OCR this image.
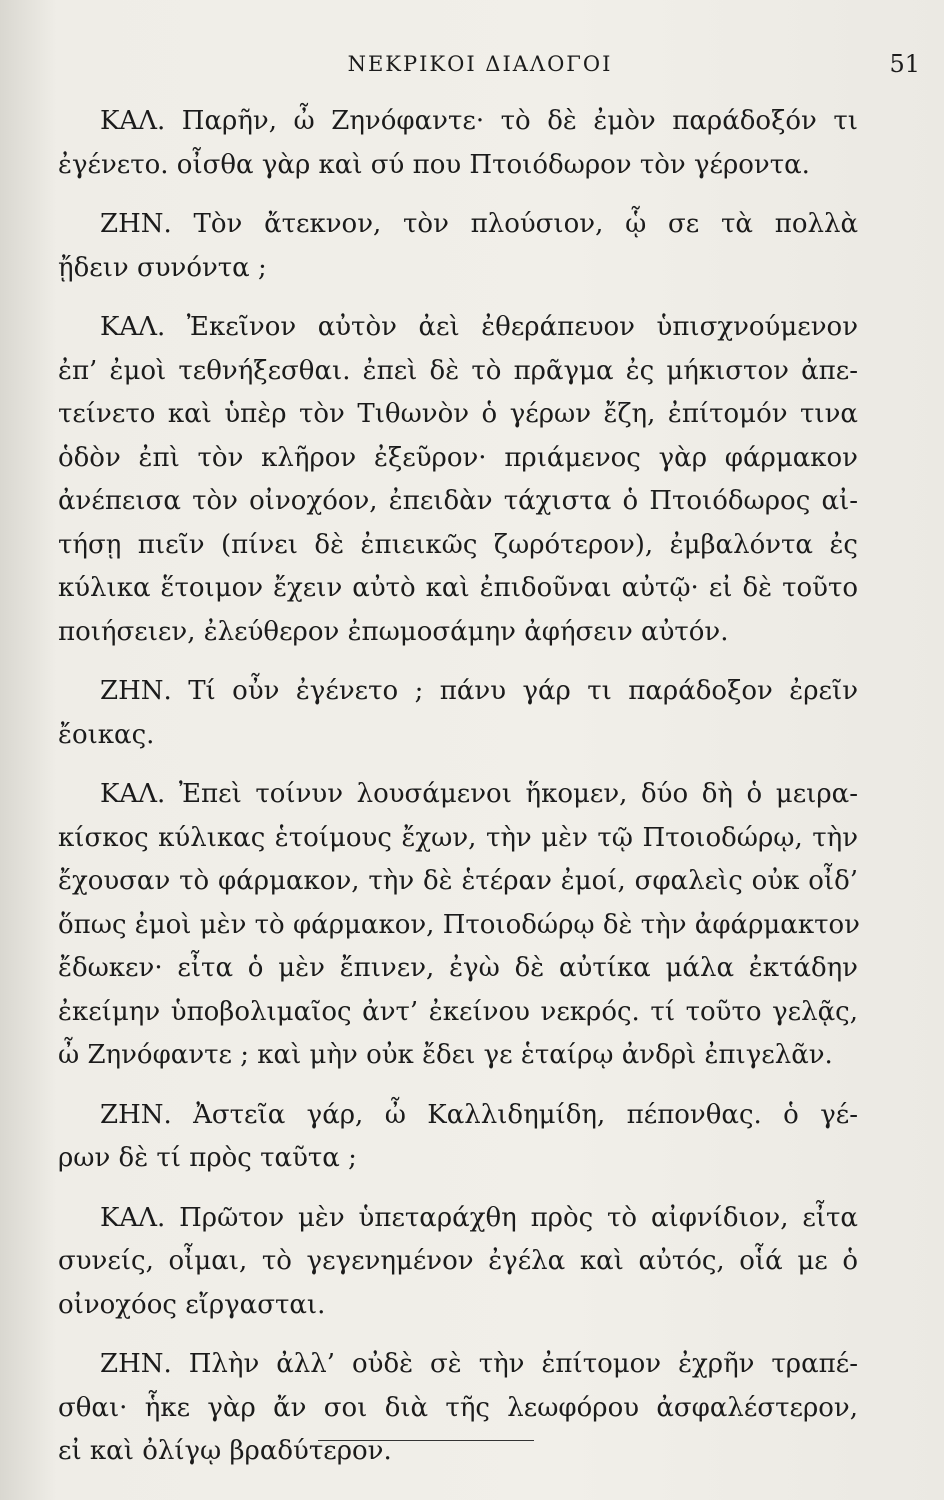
ΝΕΚΡΙΚΟΙ ΔΙΑΛΟΓΟΙ	51
ΚΑΛ. Παρῆν, ὦ Ζηνόφαντε· τὸ δὲ ἐμὸν παράδοξόν τι
ἐγένετο. οἶσθα γὰρ καὶ σύ που Πτοιόδωρον τὸν γέροντα.
ΖΗΝ. Τὸν ἄτεκνον, τὸν πλούσιον, ᾧ σε τὰ πολλὰ
ᾔδειν συνόντα ;
ΚΑΛ. Ἐκεῖνον αὐτὸν ἀεὶ ἐθεράπευον ὑπισχνούμενον
ἐπ’ ἐμοὶ τεθνήξεσθαι. ἐπεὶ δὲ τὸ πρᾶγμα ἐς μήκιστον ἀπε-
τείνετο καὶ ὑπὲρ τὸν Τιθωνὸν ὁ γέρων ἔζη, ἐπίτομόν τινα
ὁδὸν ἐπὶ τὸν κλῆρον ἐξεῦρον· πριάμενος γὰρ φάρμακον
ἀνέπεισα τὸν οἰνοχόον, ἐπειδὰν τάχιστα ὁ Πτοιόδωρος αἰ-
τήσῃ πιεῖν (πίνει δὲ ἐπιεικῶς ζωρότερον), ἐμβαλόντα ἐς
κύλικα ἕτοιμον ἔχειν αὐτὸ καὶ ἐπιδοῦναι αὐτῷ· εἰ δὲ τοῦτο
ποιήσειεν, ἐλεύθερον ἐπωμοσάμην ἀφήσειν αὐτόν.
ΖΗΝ. Τί οὖν ἐγένετο ; πάνυ γάρ τι παράδοξον ἐρεῖν
ἔοικας.
ΚΑΛ. Ἐπεὶ τοίνυν λουσάμενοι ἥκομεν, δύο δὴ ὁ μειρα-
κίσκος κύλικας ἑτοίμους ἔχων, τὴν μὲν τῷ Πτοιοδώρῳ, τὴν
ἔχουσαν τὸ φάρμακον, τὴν δὲ ἑτέραν ἐμοί, σφαλεὶς οὐκ οἶδ’
ὅπως ἐμοὶ μὲν τὸ φάρμακον, Πτοιοδώρῳ δὲ τὴν ἀφάρμακτον
ἔδωκεν· εἶτα ὁ μὲν ἔπινεν, ἐγὼ δὲ αὐτίκα μάλα ἐκτάδην
ἐκείμην ὑποβολιμαῖος ἀντ’ ἐκείνου νεκρός. τί τοῦτο γελᾷς,
ὦ Ζηνόφαντε ; καὶ μὴν οὐκ ἔδει γε ἑταίρῳ ἀνδρὶ ἐπιγελᾶν.
ΖΗΝ. Ἀστεῖα γάρ, ὦ Καλλιδημίδη, πέπονθας. ὁ γέ-
ρων δὲ τί πρὸς ταῦτα ;
ΚΑΛ. Πρῶτον μὲν ὑπεταράχθη πρὸς τὸ αἰφνίδιον, εἶτα
συνείς, οἶμαι, τὸ γεγενημένον ἐγέλα καὶ αὐτός, οἷά με ὁ
οἰνοχόος εἴργασται.
ΖΗΝ. Πλὴν ἀλλ’ οὐδὲ σὲ τὴν ἐπίτομον ἐχρῆν τραπέ-
σθαι· ἧκε γὰρ ἄν σοι διὰ τῆς λεωφόρου ἀσφαλέστερον,
εἰ καὶ ὀλίγῳ βραδύτερον.
